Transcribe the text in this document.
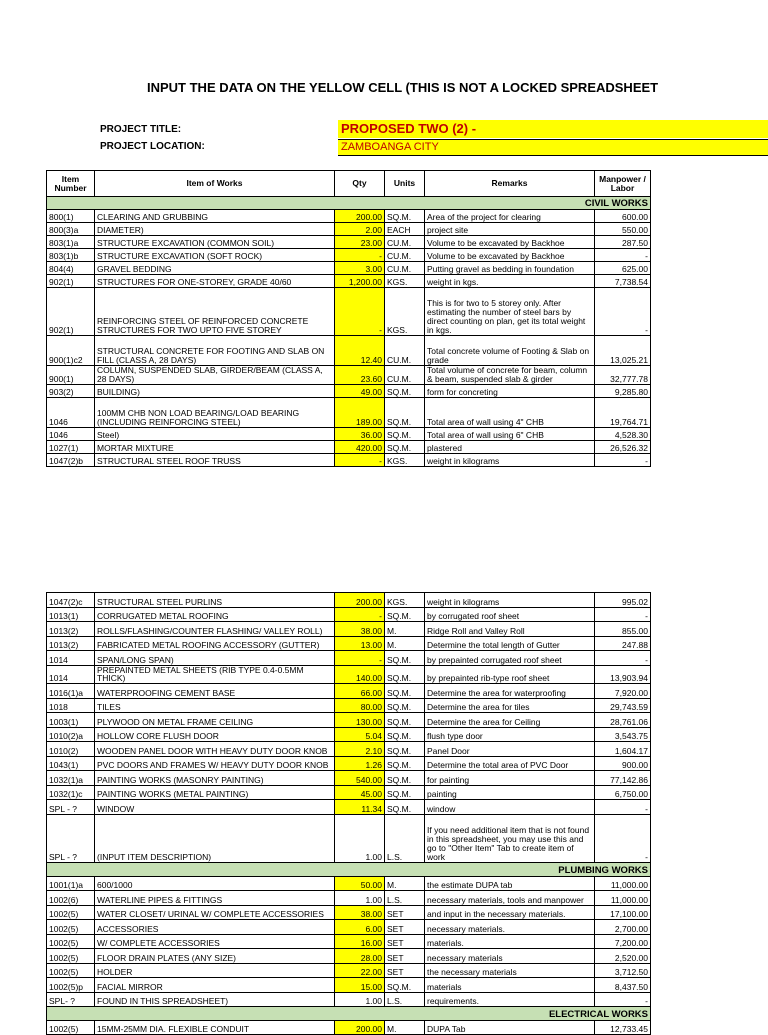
INPUT THE DATA ON THE YELLOW CELL (THIS IS NOT A LOCKED SPREADSHEET
PROJECT TITLE:	PROPOSED TWO (2) -
PROJECT LOCATION:	ZAMBOANGA CITY
Item Number	Item of Works	Qty	Units	Remarks	Manpower / Labor
CIVIL WORKS					
800(1)	CLEARING AND GRUBBING	200.00	SQ.M.	Area of the project for clearing	600.00
800(3)a	DIAMETER)	2.00	EACH	project site	550.00
803(1)a	STRUCTURE EXCAVATION (COMMON SOIL)	23.00	CU.M.	Volume to be excavated by Backhoe	287.50
803(1)b	STRUCTURE EXCAVATION (SOFT ROCK)	-	CU.M.	Volume to be excavated by Backhoe	-
804(4)	GRAVEL BEDDING	3.00	CU.M.	Putting gravel as bedding in foundation	625.00
902(1)	STRUCTURES FOR ONE-STOREY, GRADE 40/60	1,200.00	KGS.	weight in kgs.	7,738.54
902(1)	REINFORCING STEEL OF REINFORCED CONCRETE STRUCTURES FOR TWO UPTO FIVE STOREY	-	KGS.	This is for two to 5 storey only. After estimating the number of steel bars by direct counting on plan, get its total weight in kgs.	-
900(1)c2	STRUCTURAL CONCRETE FOR FOOTING AND SLAB ON FILL (CLASS A, 28 DAYS)	12.40	CU.M.	Total concrete volume of Footing & Slab on grade	13,025.21
900(1)	COLUMN, SUSPENDED SLAB, GIRDER/BEAM (CLASS A, 28 DAYS)	23.60	CU.M.	Total volume of concrete for beam, column & beam, suspended slab & girder	32,777.78
903(2)	BUILDING)	49.00	SQ.M.	form for concreting	9,285.80
1046	100MM CHB NON LOAD BEARING/LOAD BEARING (INCLUDING REINFORCING STEEL)	189.00	SQ.M.	Total area of wall using 4" CHB	19,764.71
1046	Steel)	36.00	SQ.M.	Total area of wall using 6" CHB	4,528.30
1027(1)	MORTAR MIXTURE	420.00	SQ.M.	plastered	26,526.32
1047(2)b	STRUCTURAL STEEL ROOF TRUSS	-	KGS.	weight in kilograms	-
1047(2)c	STRUCTURAL STEEL PURLINS	200.00	KGS.	weight in kilograms	995.02
1013(1)	CORRUGATED METAL ROOFING	-	SQ.M.	by corrugated roof sheet	-
1013(2)	ROLLS/FLASHING/COUNTER FLASHING/ VALLEY ROLL)	38.00	M.	Ridge Roll and Valley Roll	855.00
1013(2)	FABRICATED METAL ROOFING ACCESSORY (GUTTER)	13.00	M.	Determine the total length of Gutter	247.88
1014	SPAN/LONG SPAN)	-	SQ.M.	by prepainted corrugated roof sheet	-
1014	PREPAINTED METAL SHEETS (RIB TYPE 0.4-0.5MM THICK)	140.00	SQ.M.	by prepainted rib-type roof sheet	13,903.94
1016(1)a	WATERPROOFING CEMENT BASE	66.00	SQ.M.	Determine the area for waterproofing	7,920.00
1018	TILES	80.00	SQ.M.	Determine the area for tiles	29,743.59
1003(1)	PLYWOOD ON METAL FRAME CEILING	130.00	SQ.M.	Determine the area for Ceiling	28,761.06
1010(2)a	HOLLOW CORE FLUSH DOOR	5.04	SQ.M.	flush type door	3,543.75
1010(2)	WOODEN PANEL DOOR WITH HEAVY DUTY DOOR KNOB	2.10	SQ.M.	Panel Door	1,604.17
1043(1)	PVC DOORS AND FRAMES W/ HEAVY DUTY DOOR KNOB	1.26	SQ.M.	Determine the total area of PVC Door	900.00
1032(1)a	PAINTING WORKS (MASONRY PAINTING)	540.00	SQ.M.	for painting	77,142.86
1032(1)c	PAINTING WORKS (METAL PAINTING)	45.00	SQ.M.	painting	6,750.00
SPL - ?	WINDOW	11.34	SQ.M.	window	-
SPL - ?	(INPUT ITEM DESCRIPTION)	1.00	L.S.	If you need additional item that is not found in this spreadsheet, you may use this and go to "Other Item" Tab to create item of work	-
PLUMBING WORKS					
1001(1)a	600/1000	50.00	M.	the estimate DUPA tab	11,000.00
1002(6)	WATERLINE PIPES & FITTINGS	1.00	L.S.	necessary materials, tools and manpower	11,000.00
1002(5)	WATER CLOSET/ URINAL W/ COMPLETE ACCESSORIES	38.00	SET	and input in the necessary materials.	17,100.00
1002(5)	ACCESSORIES	6.00	SET	necessary materials.	2,700.00
1002(5)	W/ COMPLETE ACCESSORIES	16.00	SET	materials.	7,200.00
1002(5)	FLOOR DRAIN PLATES (ANY SIZE)	28.00	SET	necessary materials	2,520.00
1002(5)	HOLDER	22.00	SET	the necessary materials	3,712.50
1002(5)p	FACIAL MIRROR	15.00	SQ.M.	materials	8,437.50
SPL- ?	FOUND IN THIS SPREADSHEET)	1.00	L.S.	requirements.	-
ELECTRICAL WORKS					
1002(5)	15MM-25MM DIA. FLEXIBLE CONDUIT	200.00	M.	DUPA Tab	12,733.45
